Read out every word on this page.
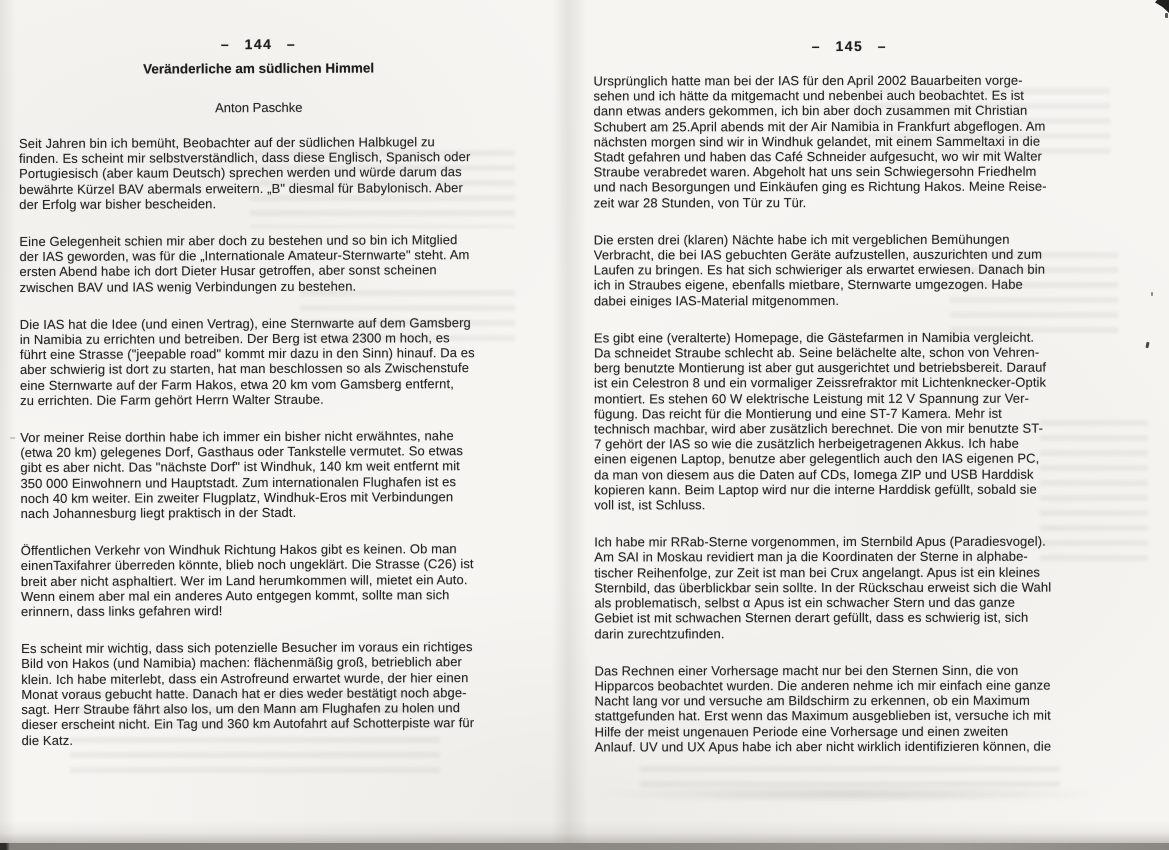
– 144 –
Veränderliche am südlichen Himmel
Anton Paschke

Seit Jahren bin ich bemüht, Beobachter auf der südlichen Halbkugel zu
finden. Es scheint mir selbstverständlich, dass diese Englisch, Spanisch oder
Portugiesisch (aber kaum Deutsch) sprechen werden und würde darum das
bewährte Kürzel BAV abermals erweitern. „B" diesmal für Babylonisch. Aber
der Erfolg war bisher bescheiden.

Eine Gelegenheit schien mir aber doch zu bestehen und so bin ich Mitglied
der IAS geworden, was für die „Internationale Amateur-Sternwarte" steht. Am
ersten Abend habe ich dort Dieter Husar getroffen, aber sonst scheinen
zwischen BAV und IAS wenig Verbindungen zu bestehen.

Die IAS hat die Idee (und einen Vertrag), eine Sternwarte auf dem Gamsberg
in Namibia zu errichten und betreiben. Der Berg ist etwa 2300 m hoch, es
führt eine Strasse ("jeepable road" kommt mir dazu in den Sinn) hinauf. Da es
aber schwierig ist dort zu starten, hat man beschlossen so als Zwischenstufe
eine Sternwarte auf der Farm Hakos, etwa 20 km vom Gamsberg entfernt,
zu errichten. Die Farm gehört Herrn Walter Straube.

Vor meiner Reise dorthin habe ich immer ein bisher nicht erwähntes, nahe
(etwa 20 km) gelegenes Dorf, Gasthaus oder Tankstelle vermutet. So etwas
gibt es aber nicht. Das "nächste Dorf" ist Windhuk, 140 km weit entfernt mit
350 000 Einwohnern und Hauptstadt. Zum internationalen Flughafen ist es
noch 40 km weiter. Ein zweiter Flugplatz, Windhuk-Eros mit Verbindungen
nach Johannesburg liegt praktisch in der Stadt.

Öffentlichen Verkehr von Windhuk Richtung Hakos gibt es keinen. Ob man
einenTaxifahrer überreden könnte, blieb noch ungeklärt. Die Strasse (C26) ist
breit aber nicht asphaltiert. Wer im Land herumkommen will, mietet ein Auto.
Wenn einem aber mal ein anderes Auto entgegen kommt, sollte man sich
erinnern, dass links gefahren wird!

Es scheint mir wichtig, dass sich potenzielle Besucher im voraus ein richtiges
Bild von Hakos (und Namibia) machen: flächenmäßig groß, betrieblich aber
klein. Ich habe miterlebt, dass ein Astrofreund erwartet wurde, der hier einen
Monat voraus gebucht hatte. Danach hat er dies weder bestätigt noch abge-
sagt. Herr Straube fährt also los, um den Mann am Flughafen zu holen und
dieser erscheint nicht. Ein Tag und 360 km Autofahrt auf Schotterpiste war für
die Katz.

– 145 –

Ursprünglich hatte man bei der IAS für den April 2002 Bauarbeiten vorge-
sehen und ich hätte da mitgemacht und nebenbei auch beobachtet. Es ist
dann etwas anders gekommen, ich bin aber doch zusammen mit Christian
Schubert am 25.April abends mit der Air Namibia in Frankfurt abgeflogen. Am
nächsten morgen sind wir in Windhuk gelandet, mit einem Sammeltaxi in die
Stadt gefahren und haben das Café Schneider aufgesucht, wo wir mit Walter
Straube verabredet waren. Abgeholt hat uns sein Schwiegersohn Friedhelm
und nach Besorgungen und Einkäufen ging es Richtung Hakos. Meine Reise-
zeit war 28 Stunden, von Tür zu Tür.

Die ersten drei (klaren) Nächte habe ich mit vergeblichen Bemühungen
Verbracht, die bei IAS gebuchten Geräte aufzustellen, auszurichten und zum
Laufen zu bringen. Es hat sich schwieriger als erwartet erwiesen. Danach bin
ich in Straubes eigene, ebenfalls mietbare, Sternwarte umgezogen. Habe
dabei einiges IAS-Material mitgenommen.

Es gibt eine (veralterte) Homepage, die Gästefarmen in Namibia vergleicht.
Da schneidet Straube schlecht ab. Seine belächelte alte, schon von Vehren-
berg benutzte Montierung ist aber gut ausgerichtet und betriebsbereit. Darauf
ist ein Celestron 8 und ein vormaliger Zeissrefraktor mit Lichtenknecker-Optik
montiert. Es stehen 60 W elektrische Leistung mit 12 V Spannung zur Ver-
fügung. Das reicht für die Montierung und eine ST-7 Kamera. Mehr ist
technisch machbar, wird aber zusätzlich berechnet. Die von mir benutzte ST-
7 gehört der IAS so wie die zusätzlich herbeigetragenen Akkus. Ich habe
einen eigenen Laptop, benutze aber gelegentlich auch den IAS eigenen PC,
da man von diesem aus die Daten auf CDs, Iomega ZIP und USB Harddisk
kopieren kann. Beim Laptop wird nur die interne Harddisk gefüllt, sobald sie
voll ist, ist Schluss.

Ich habe mir RRab-Sterne vorgenommen, im Sternbild Apus (Paradiesvogel).
Am SAI in Moskau revidiert man ja die Koordinaten der Sterne in alphabe-
tischer Reihenfolge, zur Zeit ist man bei Crux angelangt. Apus ist ein kleines
Sternbild, das überblickbar sein sollte. In der Rückschau erweist sich die Wahl
als problematisch, selbst α Apus ist ein schwacher Stern und das ganze
Gebiet ist mit schwachen Sternen derart gefüllt, dass es schwierig ist, sich
darin zurechtzufinden.

Das Rechnen einer Vorhersage macht nur bei den Sternen Sinn, die von
Hipparcos beobachtet wurden. Die anderen nehme ich mir einfach eine ganze
Nacht lang vor und versuche am Bildschirm zu erkennen, ob ein Maximum
stattgefunden hat. Erst wenn das Maximum ausgeblieben ist, versuche ich mit
Hilfe der meist ungenauen Periode eine Vorhersage und einen zweiten
Anlauf. UV und UX Apus habe ich aber nicht wirklich identifizieren können, die
